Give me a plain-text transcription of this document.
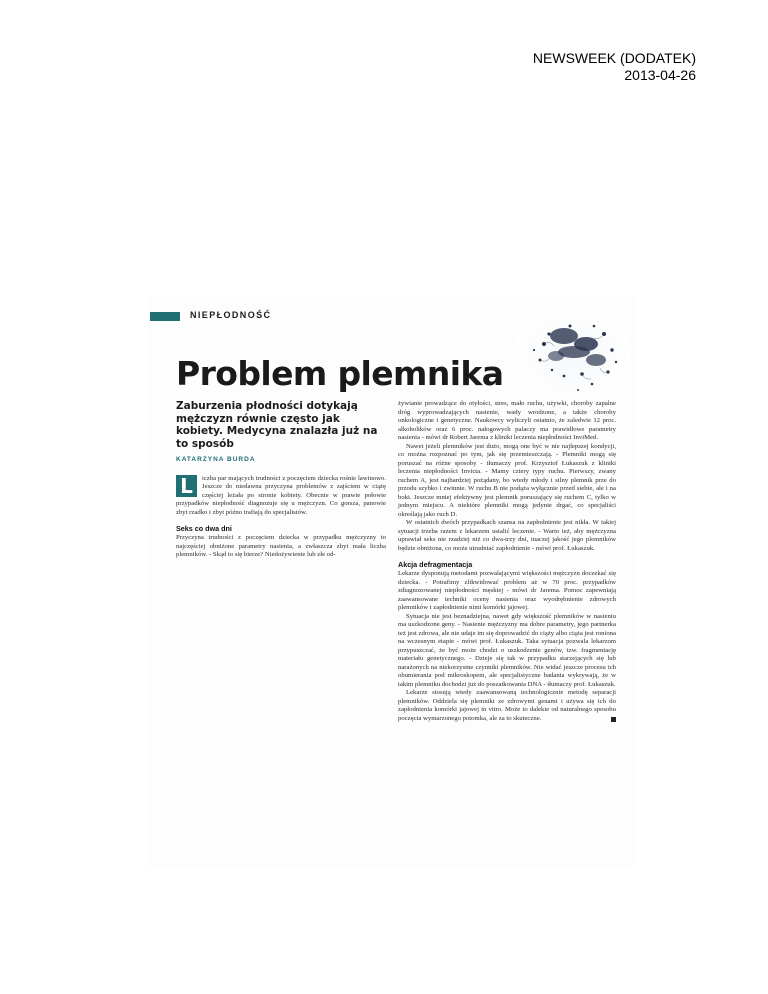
NEWSWEEK (DODATEK)
2013-04-26
NIEPŁODNOŚĆ
Problem plemnika
Zaburzenia płodności dotykają mężczyzn równie często jak kobiety. Medycyna znalazła już na to sposób
KATARZYNA BURDA

L	iczba par mających trudności z poczęciem dziecka rośnie lawinowo. Jeszcze do niedawna przyczyna problemów z zajściem w ciążę częściej leżała po stronie kobiety. Obecnie w prawie połowie przypadków niepłodność diagnozuje się u mężczyzn. Co gorsza, panowie zbyt rzadko i zbyt późno trafiają do specjalistów.

Seks co dwa dni

Przyczyna trudności z poczęciem dziecka w przypadku mężczyzny to najczęściej obniżone parametry nasienia, a zwłaszcza zbyt mała liczba plemników. - Skąd to się bierze? Niedożywienie lub złe od-

żywianie prowadzące do otyłości, stres, mało ruchu, używki, choroby zapalne dróg wyprowadzających nasienie, wady wrodzone, a także choroby onkologiczne i genetyczne. Naukowcy wyliczyli ostatnio, że zaledwie 12 proc. alkoholików oraz 6 proc. nałogowych palaczy ma prawidłowe parametry nasienia - mówi dr Robert Jarema z kliniki leczenia niepłodności InviMed.

Nawet jeżeli plemników jest dużo, mogą one być w nie najlepszej kondycji, co można rozpoznać po tym, jak się przemieszczają. - Plemniki mogą się poruszać na różne sposoby - tłumaczy prof. Krzysztof Łukaszuk z kliniki leczenia niepłodności Invicta. - Mamy cztery typy ruchu. Pierwszy, zwany ruchem A, jest najbardziej pożądany, bo wtedy młody i silny plemnik prze do przodu szybko i zwinnie. W ruchu B nie podąża wyłącznie przed siebie, ale i na boki. Jeszcze mniej efektywny jest plemnik poruszający się ruchem C, tylko w jednym miejscu. A niektóre plemniki mogą jedynie drgać, co specjaliści określają jako ruch D.

W ostatnich dwóch przypadkach szansa na zapłodnienie jest nikła. W takiej sytuacji trzeba razem z lekarzem ustalić leczenie. - Warto też, aby mężczyzna uprawiał seks nie rzadziej niż co dwa-trzy dni, inaczej jakość jego plemników będzie obniżona, co może utrudniać zapłodnienie - mówi prof. Łukaszuk.

Akcja defragmentacja

Lekarze dysponują metodami pozwalającymi większości mężczyzn doczekać się dziecka. - Potrafimy zlikwidować problem aż w 70 proc. przypadków zdiagnozowanej niepłodności męskiej - mówi dr Jarema. Pomoc zapewniają zaawansowane techniki oceny nasienia oraz wyodrębnienie zdrowych plemników i zapłodnienie nimi komórki jajowej.

Sytuacja nie jest beznadziejna, nawet gdy większość plemników w nasieniu ma uszkodzone geny. - Nasienie mężczyzny ma dobre parametry, jego partnerka też jest zdrowa, ale nie udaje im się doprowadzić do ciąży albo ciąża jest roniona na wczesnym etapie - mówi prof. Łukaszuk. Taka sytuacja pozwala lekarzom przypuszczać, że być może chodzi o uszkodzenie genów, tzw. fragmentację materiału genetycznego. - Dzieje się tak w przypadku starzejących się lub narażonych na niekorzystne czynniki plemników. Nie widać jeszcze procesu ich obumierania pod mikroskopem, ale specjalistyczne badania wykrywają, że w takim plemniku dochodzi już do poszatkowania DNA - tłumaczy prof. Łukaszuk.

Lekarze stosują wtedy zaawansowaną technologicznie metodę separacji plemników. Oddziela się plemniki ze zdrowymi genami i używa się ich do zapłodnienia komórki jajowej in vitro. Może to dalekie od naturalnego sposobu poczęcia wymarzonego potomka, ale za to skuteczne.
